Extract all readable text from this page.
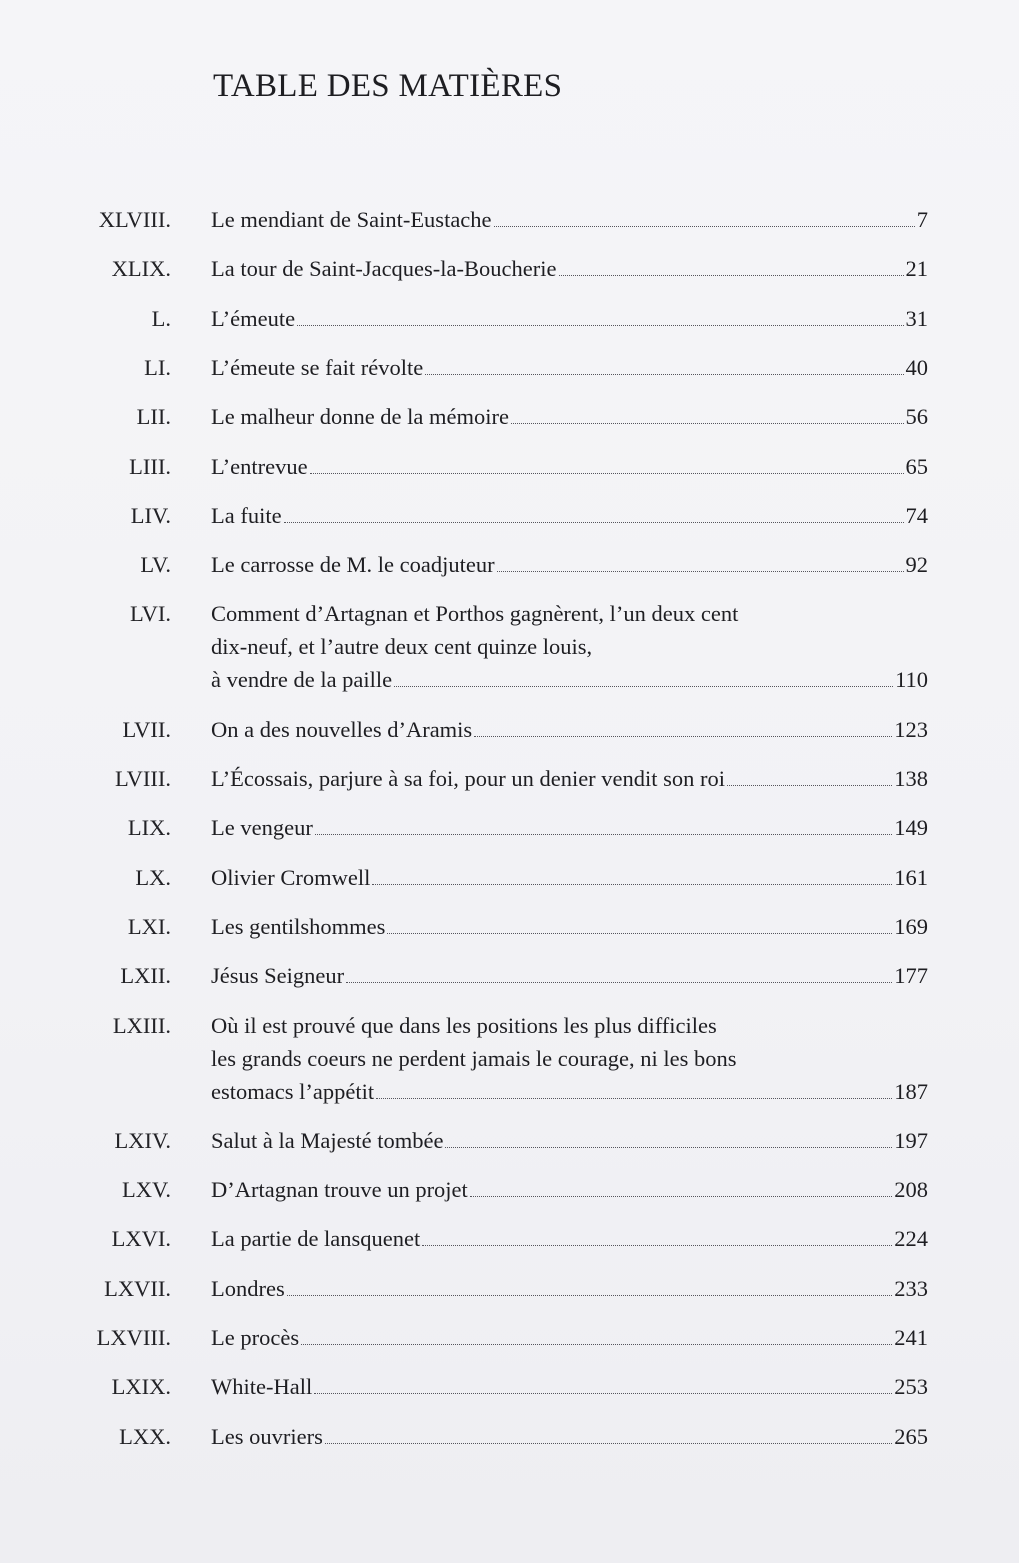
TABLE DES MATIÈRES
XLVIII. Le mendiant de Saint-Eustache	7
XLIX. La tour de Saint-Jacques-la-Boucherie	21
L. L’émeute	31
LI. L’émeute se fait révolte	40
LII. Le malheur donne de la mémoire	56
LIII. L’entrevue	65
LIV. La fuite	74
LV. Le carrosse de M. le coadjuteur	92
LVI. Comment d’Artagnan et Porthos gagnèrent, l’un deux cent
dix-neuf, et l’autre deux cent quinze louis,
à vendre de la paille	110
LVII. On a des nouvelles d’Aramis	123
LVIII. L’Écossais, parjure à sa foi, pour un denier vendit son roi	138
LIX. Le vengeur	149
LX. Olivier Cromwell	161
LXI. Les gentilshommes	169
LXII. Jésus Seigneur	177
LXIII. Où il est prouvé que dans les positions les plus difficiles
les grands coeurs ne perdent jamais le courage, ni les bons
estomacs l’appétit	187
LXIV. Salut à la Majesté tombée	197
LXV. D’Artagnan trouve un projet	208
LXVI. La partie de lansquenet	224
LXVII. Londres	233
LXVIII. Le procès	241
LXIX. White-Hall	253
LXX. Les ouvriers	265
